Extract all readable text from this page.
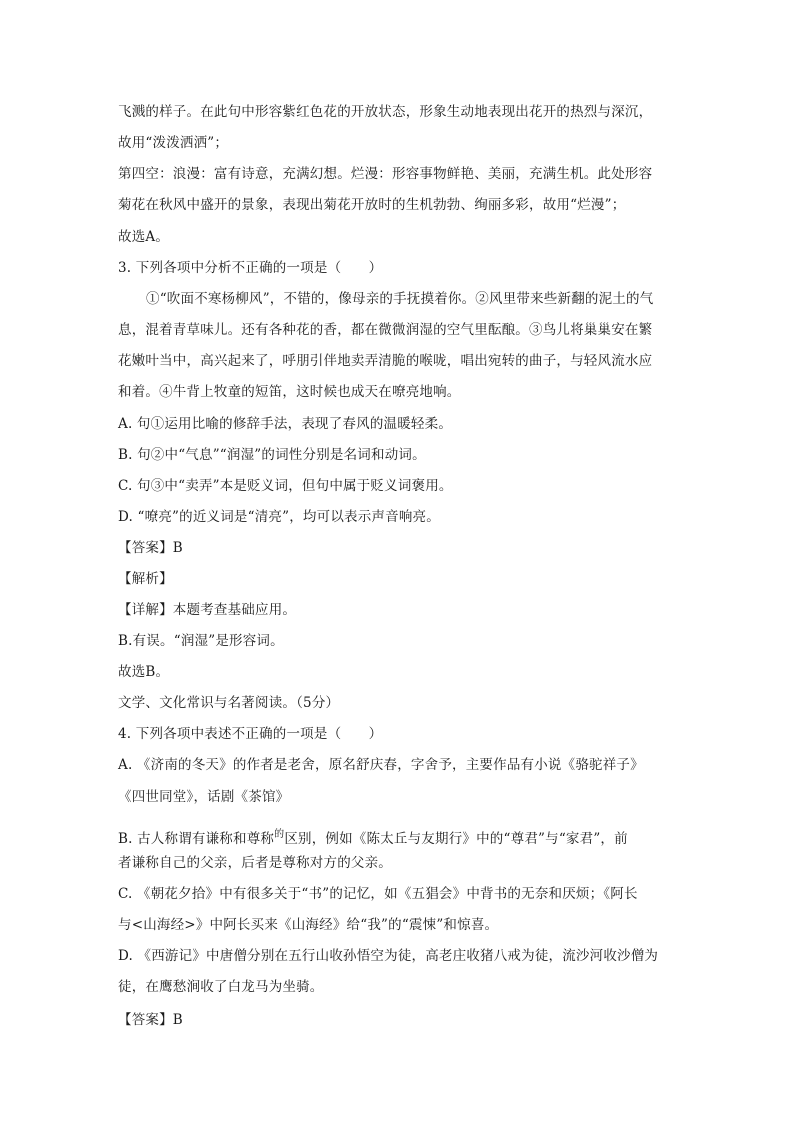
飞溅的样子。在此句中形容紫红色花的开放状态，形象生动地表现出花开的热烈与深沉，
故用“泼泼洒洒”；
第四空：浪漫：富有诗意，充满幻想。烂漫：形容事物鲜艳、美丽，充满生机。此处形容
菊花在秋风中盛开的景象，表现出菊花开放时的生机勃勃、绚丽多彩，故用“烂漫”；
故选A。
3. 下列各项中分析不正确的一项是（　　）
①“吹面不寒杨柳风”，不错的，像母亲的手抚摸着你。②风里带来些新翻的泥土的气
息，混着青草味儿。还有各种花的香，都在微微润湿的空气里酝酿。③鸟儿将巢巢安在繁
花嫩叶当中，高兴起来了，呼朋引伴地卖弄清脆的喉咙，唱出宛转的曲子，与轻风流水应
和着。④牛背上牧童的短笛，这时候也成天在嘹亮地响。
A. 句①运用比喻的修辞手法，表现了春风的温暖轻柔。
B. 句②中“气息”“润湿”的词性分别是名词和动词。
C. 句③中“卖弄”本是贬义词，但句中属于贬义词褒用。
D. “嘹亮”的近义词是“清亮”，均可以表示声音响亮。
【答案】B
【解析】
【详解】本题考查基础应用。
B.有误。“润湿”是形容词。
故选B。
文学、文化常识与名著阅读。（5分）
4. 下列各项中表述不正确的一项是（　　）
A. 《济南的冬天》的作者是老舍，原名舒庆春，字舍予，主要作品有小说《骆驼祥子》
《四世同堂》，话剧《茶馆》
B. 古人称谓有谦称和尊称$^的$区别，例如《陈太丘与友期行》中的“尊君”与“家君”，前
者谦称自己的父亲，后者是尊称对方的父亲。
C. 《朝花夕拾》中有很多关于“书”的记忆，如《五猖会》中背书的无奈和厌烦；《阿长
与<山海经>》中阿长买来《山海经》给“我”的“震悚”和惊喜。
D. 《西游记》中唐僧分别在五行山收孙悟空为徒，高老庄收猪八戒为徒，流沙河收沙僧为
徒，在鹰愁涧收了白龙马为坐骑。
【答案】B
